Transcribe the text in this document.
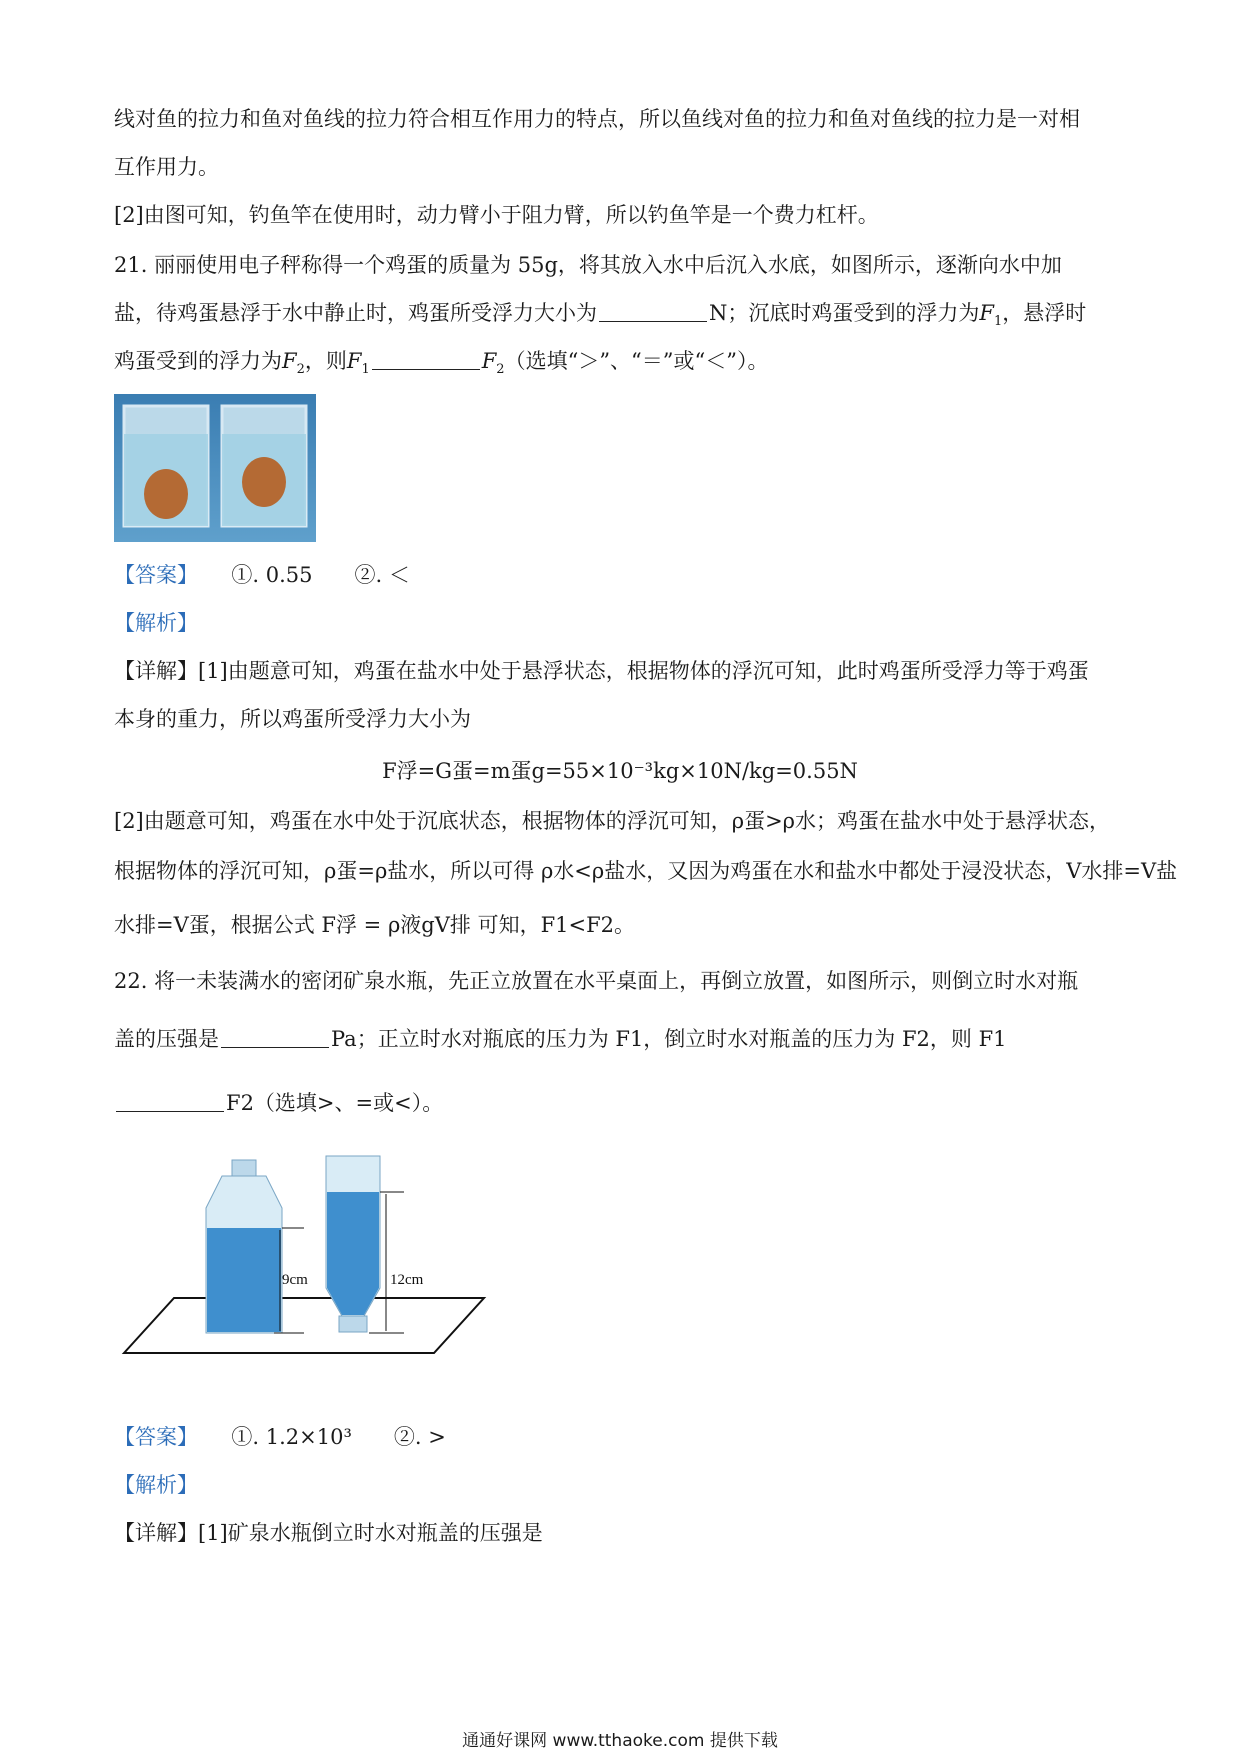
线对鱼的拉力和鱼对鱼线的拉力符合相互作用力的特点，所以鱼线对鱼的拉力和鱼对鱼线的拉力是一对相
互作用力。
[2]由图可知，钓鱼竿在使用时，动力臂小于阻力臂，所以钓鱼竿是一个费力杠杆。
21. 丽丽使用电子秤称得一个鸡蛋的质量为 55g，将其放入水中后沉入水底，如图所示，逐渐向水中加
盐，待鸡蛋悬浮于水中静止时，鸡蛋所受浮力大小为	N；沉底时鸡蛋受到的浮力为$F_1$，悬浮时
鸡蛋受到的浮力为$F_2$，则$F_1$	$F_2$（选填“＞”、“＝”或“＜”）。
【答案】 ①. 0.55　　②. ＜
【解析】
【详解】[1]由题意可知，鸡蛋在盐水中处于悬浮状态，根据物体的浮沉可知，此时鸡蛋所受浮力等于鸡蛋
本身的重力，所以鸡蛋所受浮力大小为
F浮=G蛋=m蛋g=55×10⁻³kg×10N/kg=0.55N
[2]由题意可知，鸡蛋在水中处于沉底状态，根据物体的浮沉可知，ρ蛋>ρ水；鸡蛋在盐水中处于悬浮状态，
根据物体的浮沉可知，ρ蛋=ρ盐水，所以可得 ρ水<ρ盐水，又因为鸡蛋在水和盐水中都处于浸没状态，V水排=V盐
水排=V蛋，根据公式 F浮 = ρ液gV排 可知，F1<F2。
22. 将一未装满水的密闭矿泉水瓶，先正立放置在水平桌面上，再倒立放置，如图所示，则倒立时水对瓶
盖的压强是	Pa；正立时水对瓶底的压力为 F1，倒立时水对瓶盖的压力为 F2，则 F1
F2（选填>、=或<）。
9cm	12cm
【答案】 ①. 1.2×10³　　②. >
【解析】
【详解】[1]矿泉水瓶倒立时水对瓶盖的压强是
通通好课网 www.tthaoke.com 提供下载
